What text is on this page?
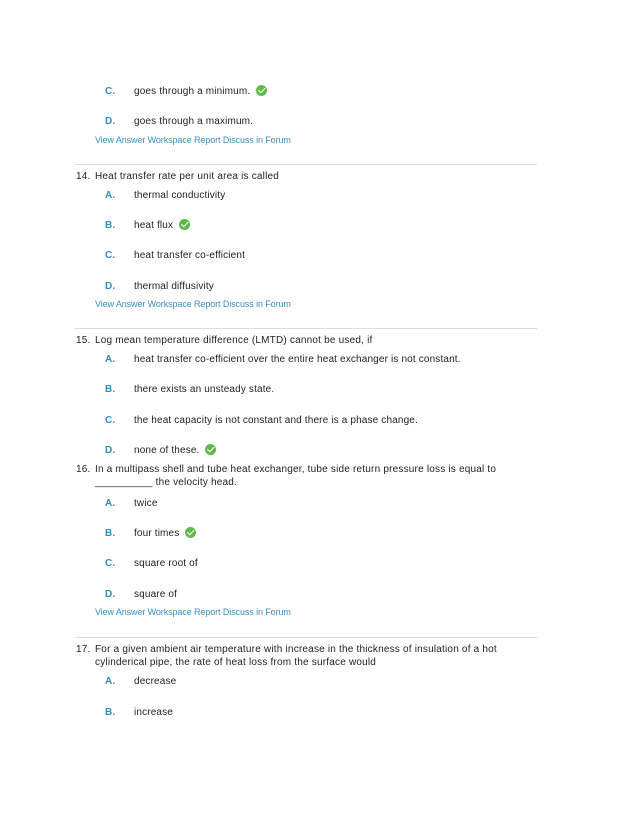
C. goes through a minimum.
D. goes through a maximum.
View Answer Workspace Report Discuss in Forum
14. Heat transfer rate per unit area is called
A. thermal conductivity
B. heat flux
C. heat transfer co-efficient
D. thermal diffusivity
View Answer Workspace Report Discuss in Forum
15. Log mean temperature difference (LMTD) cannot be used, if
A. heat transfer co-efficient over the entire heat exchanger is not constant.
B. there exists an unsteady state.
C. the heat capacity is not constant and there is a phase change.
D. none of these.
16. In a multipass shell and tube heat exchanger, tube side return pressure loss is equal to
__________ the velocity head.
A. twice
B. four times
C. square root of
D. square of
View Answer Workspace Report Discuss in Forum
17. For a given ambient air temperature with increase in the thickness of insulation of a hot
cylinderical pipe, the rate of heat loss from the surface would
A. decrease
B. increase
